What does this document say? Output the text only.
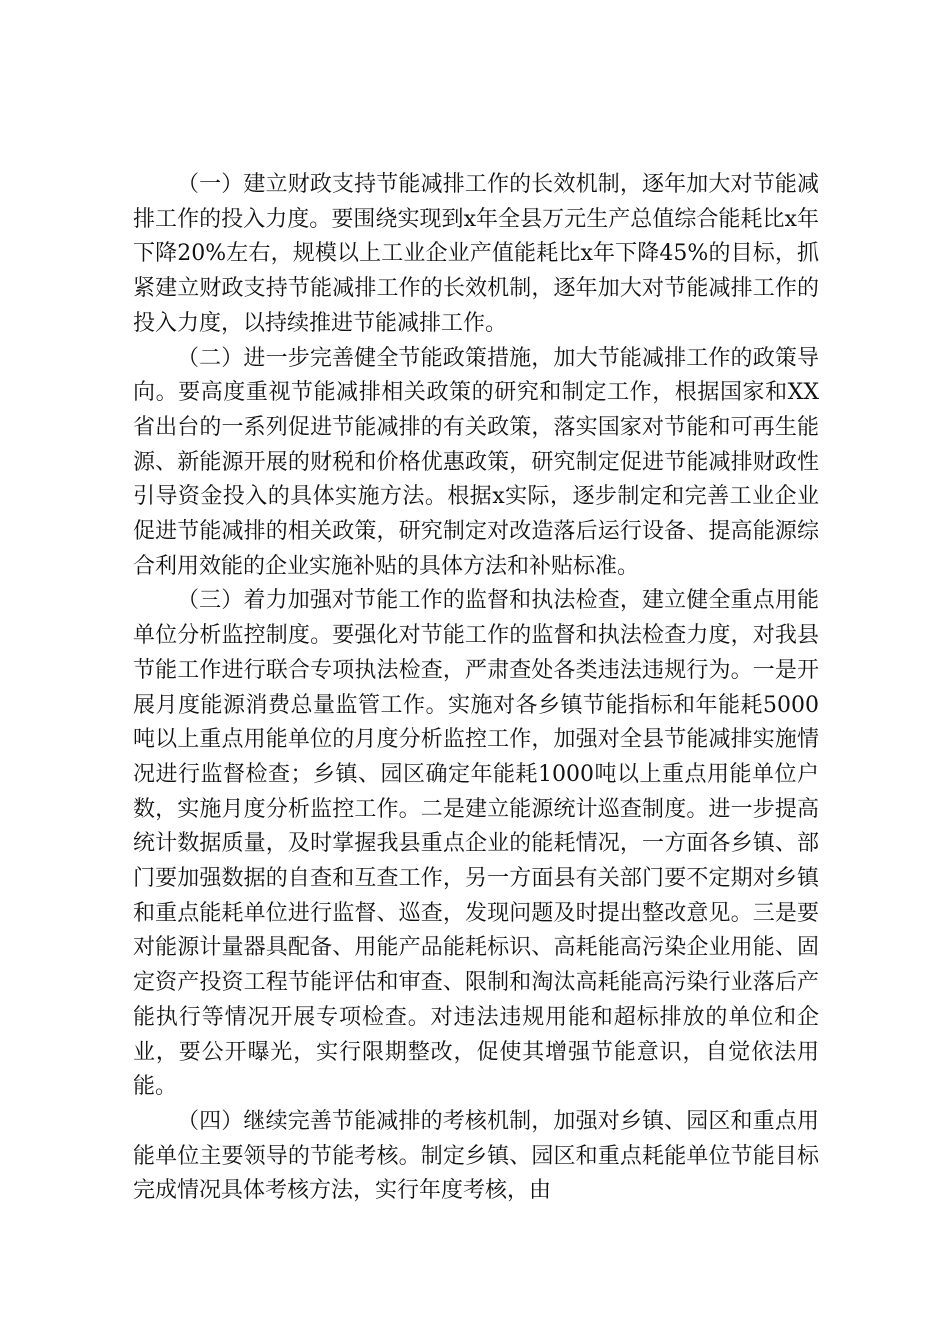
（一）建立财政支持节能减排工作的长效机制，逐年加大对节能减排工作的投入力度。要围绕实现到x年全县万元生产总值综合能耗比x年下降20%左右，规模以上工业企业产值能耗比x年下降45%的目标，抓紧建立财政支持节能减排工作的长效机制，逐年加大对节能减排工作的投入力度，以持续推进节能减排工作。

（二）进一步完善健全节能政策措施，加大节能减排工作的政策导向。要高度重视节能减排相关政策的研究和制定工作，根据国家和XX省出台的一系列促进节能减排的有关政策，落实国家对节能和可再生能源、新能源开展的财税和价格优惠政策，研究制定促进节能减排财政性引导资金投入的具体实施方法。根据x实际，逐步制定和完善工业企业促进节能减排的相关政策，研究制定对改造落后运行设备、提高能源综合利用效能的企业实施补贴的具体方法和补贴标准。

（三）着力加强对节能工作的监督和执法检查，建立健全重点用能单位分析监控制度。要强化对节能工作的监督和执法检查力度，对我县节能工作进行联合专项执法检查，严肃查处各类违法违规行为。一是开展月度能源消费总量监管工作。实施对各乡镇节能指标和年能耗5000吨以上重点用能单位的月度分析监控工作，加强对全县节能减排实施情况进行监督检查；乡镇、园区确定年能耗1000吨以上重点用能单位户数，实施月度分析监控工作。二是建立能源统计巡查制度。进一步提高统计数据质量，及时掌握我县重点企业的能耗情况，一方面各乡镇、部门要加强数据的自查和互查工作，另一方面县有关部门要不定期对乡镇和重点能耗单位进行监督、巡查，发现问题及时提出整改意见。三是要对能源计量器具配备、用能产品能耗标识、高耗能高污染企业用能、固定资产投资工程节能评估和审查、限制和淘汰高耗能高污染行业落后产能执行等情况开展专项检查。对违法违规用能和超标排放的单位和企业，要公开曝光，实行限期整改，促使其增强节能意识，自觉依法用能。

（四）继续完善节能减排的考核机制，加强对乡镇、园区和重点用能单位主要领导的节能考核。制定乡镇、园区和重点耗能单位节能目标完成情况具体考核方法，实行年度考核，由
